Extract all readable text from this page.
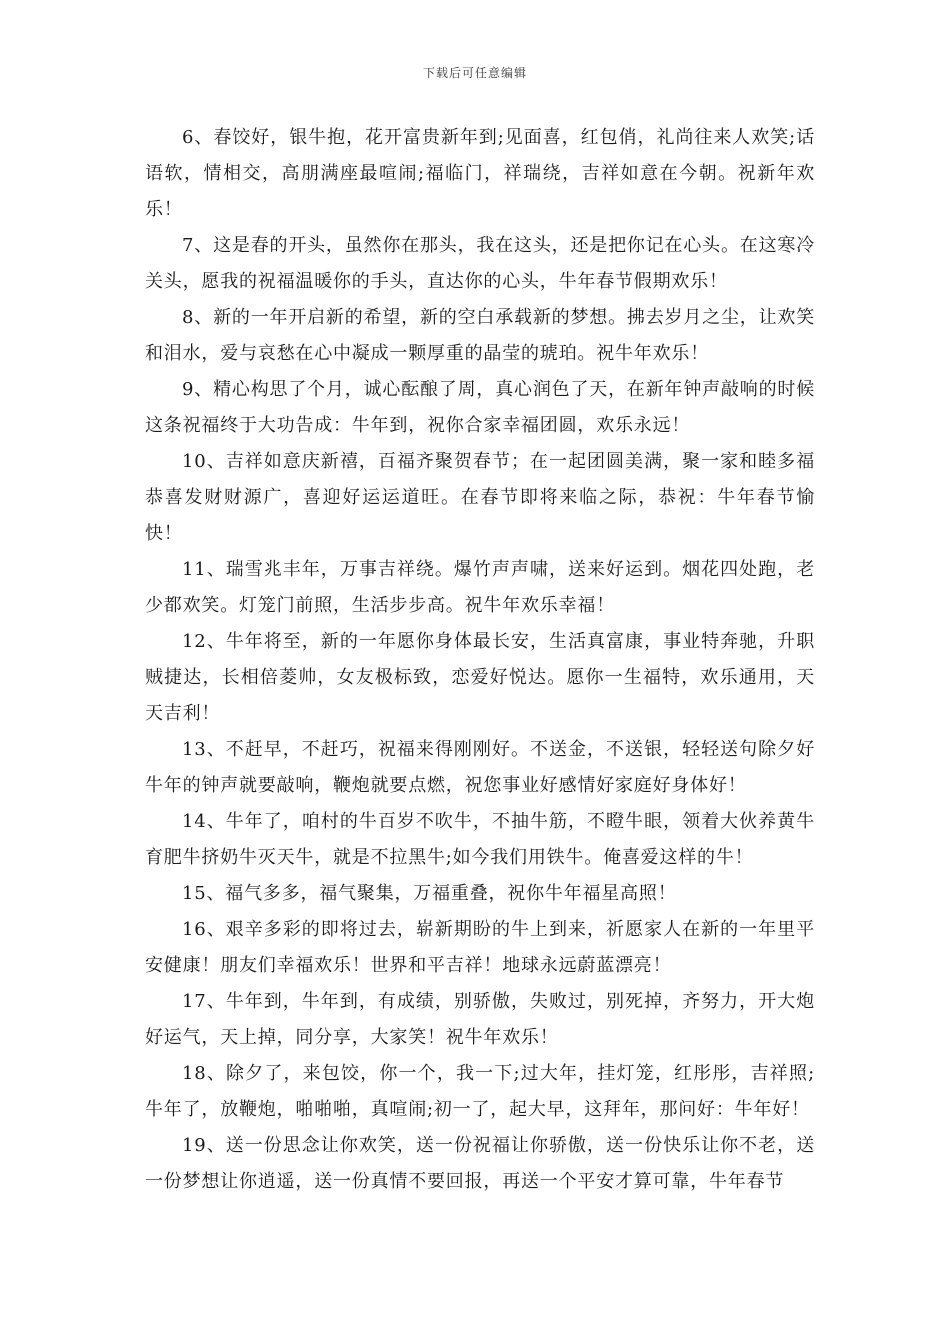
下载后可任意编辑

6、春饺好，银牛抱，花开富贵新年到;见面喜，红包俏，礼尚往来人欢笑;话语软，情相交，高朋满座最喧闹;福临门，祥瑞绕，吉祥如意在今朝。祝新年欢乐！

7、这是春的开头，虽然你在那头，我在这头，还是把你记在心头。在这寒冷关头，愿我的祝福温暖你的手头，直达你的心头，牛年春节假期欢乐！

8、新的一年开启新的希望，新的空白承载新的梦想。拂去岁月之尘，让欢笑和泪水，爱与哀愁在心中凝成一颗厚重的晶莹的琥珀。祝牛年欢乐！

9、精心构思了个月，诚心酝酿了周，真心润色了天，在新年钟声敲响的时候这条祝福终于大功告成：牛年到，祝你合家幸福团圆，欢乐永远！

10、吉祥如意庆新禧，百福齐聚贺春节；在一起团圆美满，聚一家和睦多福恭喜发财财源广，喜迎好运运道旺。在春节即将来临之际，恭祝：牛年春节愉快！

11、瑞雪兆丰年，万事吉祥绕。爆竹声声啸，送来好运到。烟花四处跑，老少都欢笑。灯笼门前照，生活步步高。祝牛年欢乐幸福！

12、牛年将至，新的一年愿你身体最长安，生活真富康，事业特奔驰，升职贼捷达，长相倍菱帅，女友极标致，恋爱好悦达。愿你一生福特，欢乐通用，天天吉利！

13、不赶早，不赶巧，祝福来得刚刚好。不送金，不送银，轻轻送句除夕好牛年的钟声就要敲响，鞭炮就要点燃，祝您事业好感情好家庭好身体好！

14、牛年了，咱村的牛百岁不吹牛，不抽牛筋，不瞪牛眼，领着大伙养黄牛育肥牛挤奶牛灭天牛，就是不拉黑牛;如今我们用铁牛。俺喜爱这样的牛！

15、福气多多，福气聚集，万福重叠，祝你牛年福星高照！

16、艰辛多彩的即将过去，崭新期盼的牛上到来，祈愿家人在新的一年里平安健康！朋友们幸福欢乐！世界和平吉祥！地球永远蔚蓝漂亮！

17、牛年到，牛年到，有成绩，别骄傲，失败过，别死掉，齐努力，开大炮好运气，天上掉，同分享，大家笑！祝牛年欢乐！

18、除夕了，来包饺，你一个，我一下;过大年，挂灯笼，红彤彤，吉祥照;牛年了，放鞭炮，啪啪啪，真喧闹;初一了，起大早，这拜年，那问好：牛年好！

19、送一份思念让你欢笑，送一份祝福让你骄傲，送一份快乐让你不老，送一份梦想让你逍遥，送一份真情不要回报，再送一个平安才算可靠，牛年春节
